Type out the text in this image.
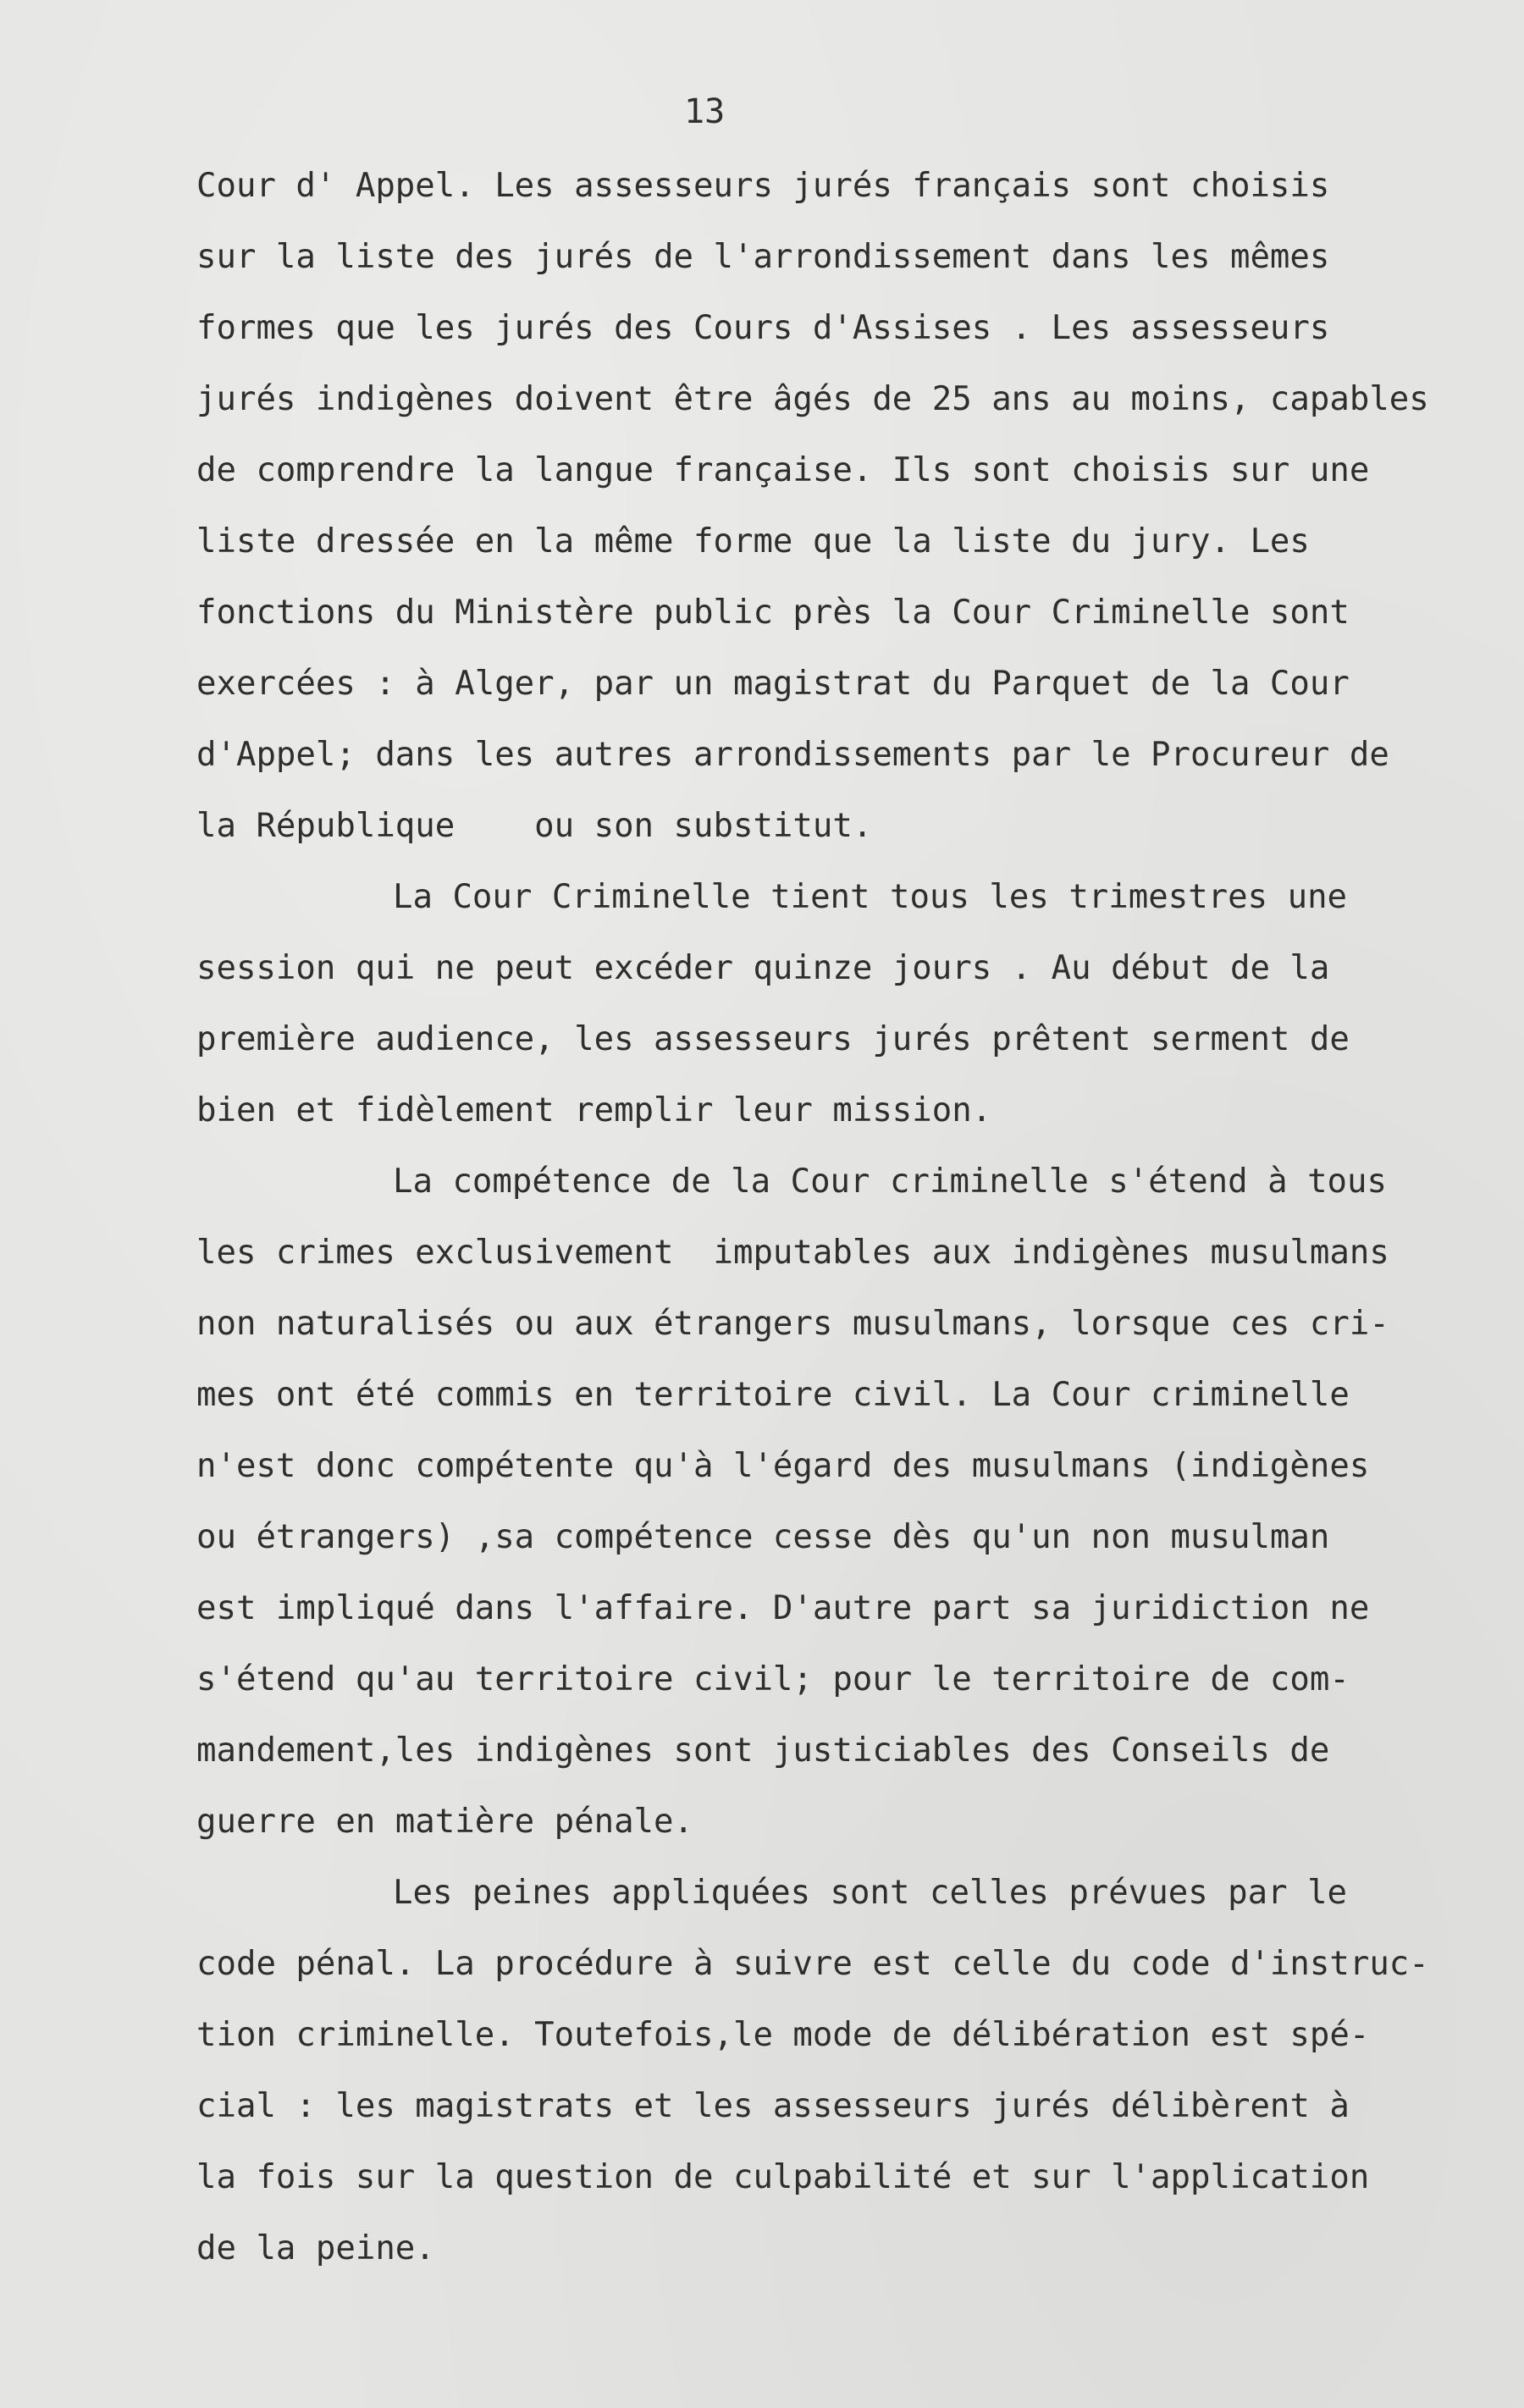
13
Cour d' Appel. Les assesseurs jurés français sont choisis
sur la liste des jurés de l'arrondissement dans les mêmes
formes que les jurés des Cours d'Assises . Les assesseurs
jurés indigènes doivent être âgés de 25 ans au moins, capables
de comprendre la langue française. Ils sont choisis sur une
liste dressée en la même forme que la liste du jury. Les
fonctions du Ministère public près la Cour Criminelle sont
exercées : à Alger, par un magistrat du Parquet de la Cour
d'Appel; dans les autres arrondissements par le Procureur de
la République    ou son substitut.
La Cour Criminelle tient tous les trimestres une
session qui ne peut excéder quinze jours . Au début de la
première audience, les assesseurs jurés prêtent serment de
bien et fidèlement remplir leur mission.
La compétence de la Cour criminelle s'étend à tous
les crimes exclusivement  imputables aux indigènes musulmans
non naturalisés ou aux étrangers musulmans, lorsque ces cri-
mes ont été commis en territoire civil. La Cour criminelle
n'est donc compétente qu'à l'égard des musulmans (indigènes
ou étrangers) ,sa compétence cesse dès qu'un non musulman
est impliqué dans l'affaire. D'autre part sa juridiction ne
s'étend qu'au territoire civil; pour le territoire de com-
mandement,les indigènes sont justiciables des Conseils de
guerre en matière pénale.
Les peines appliquées sont celles prévues par le
code pénal. La procédure à suivre est celle du code d'instruc-
tion criminelle. Toutefois,le mode de délibération est spé-
cial : les magistrats et les assesseurs jurés délibèrent à
la fois sur la question de culpabilité et sur l'application
de la peine.
